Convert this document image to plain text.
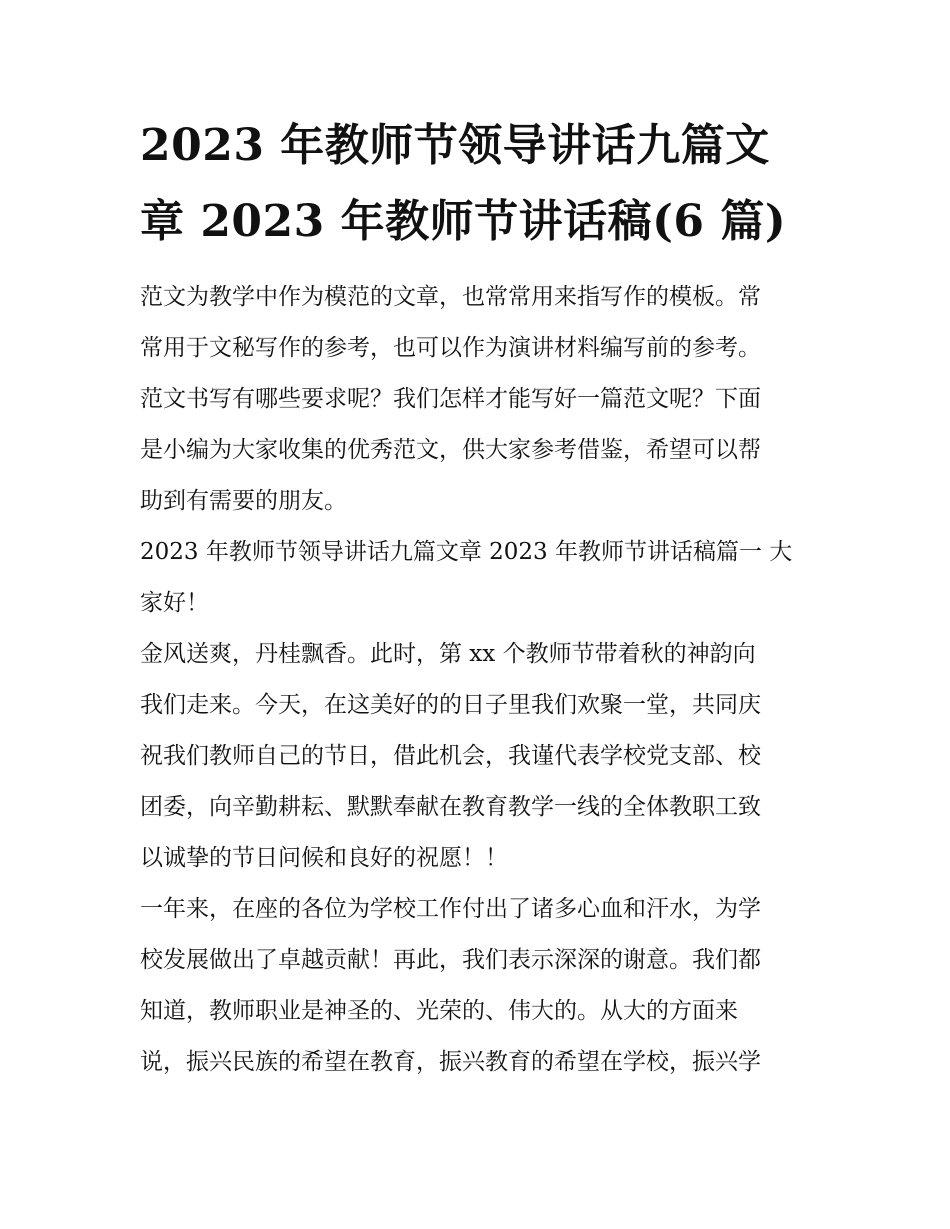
2023 年教师节领导讲话九篇文
章 2023 年教师节讲话稿(6 篇)

范文为教学中作为模范的文章，也常常用来指写作的模板。常
常用于文秘写作的参考，也可以作为演讲材料编写前的参考。
范文书写有哪些要求呢？我们怎样才能写好一篇范文呢？下面
是小编为大家收集的优秀范文，供大家参考借鉴，希望可以帮
助到有需要的朋友。

2023 年教师节领导讲话九篇文章 2023 年教师节讲话稿篇一 大
家好！

金风送爽，丹桂飘香。此时，第 xx 个教师节带着秋的神韵向
我们走来。今天，在这美好的的日子里我们欢聚一堂，共同庆
祝我们教师自己的节日，借此机会，我谨代表学校党支部、校
团委，向辛勤耕耘、默默奉献在教育教学一线的全体教职工致
以诚挚的节日问候和良好的祝愿！！

一年来，在座的各位为学校工作付出了诸多心血和汗水，为学
校发展做出了卓越贡献！再此，我们表示深深的谢意。我们都
知道，教师职业是神圣的、光荣的、伟大的。从大的方面来
说，振兴民族的希望在教育，振兴教育的希望在学校，振兴学
